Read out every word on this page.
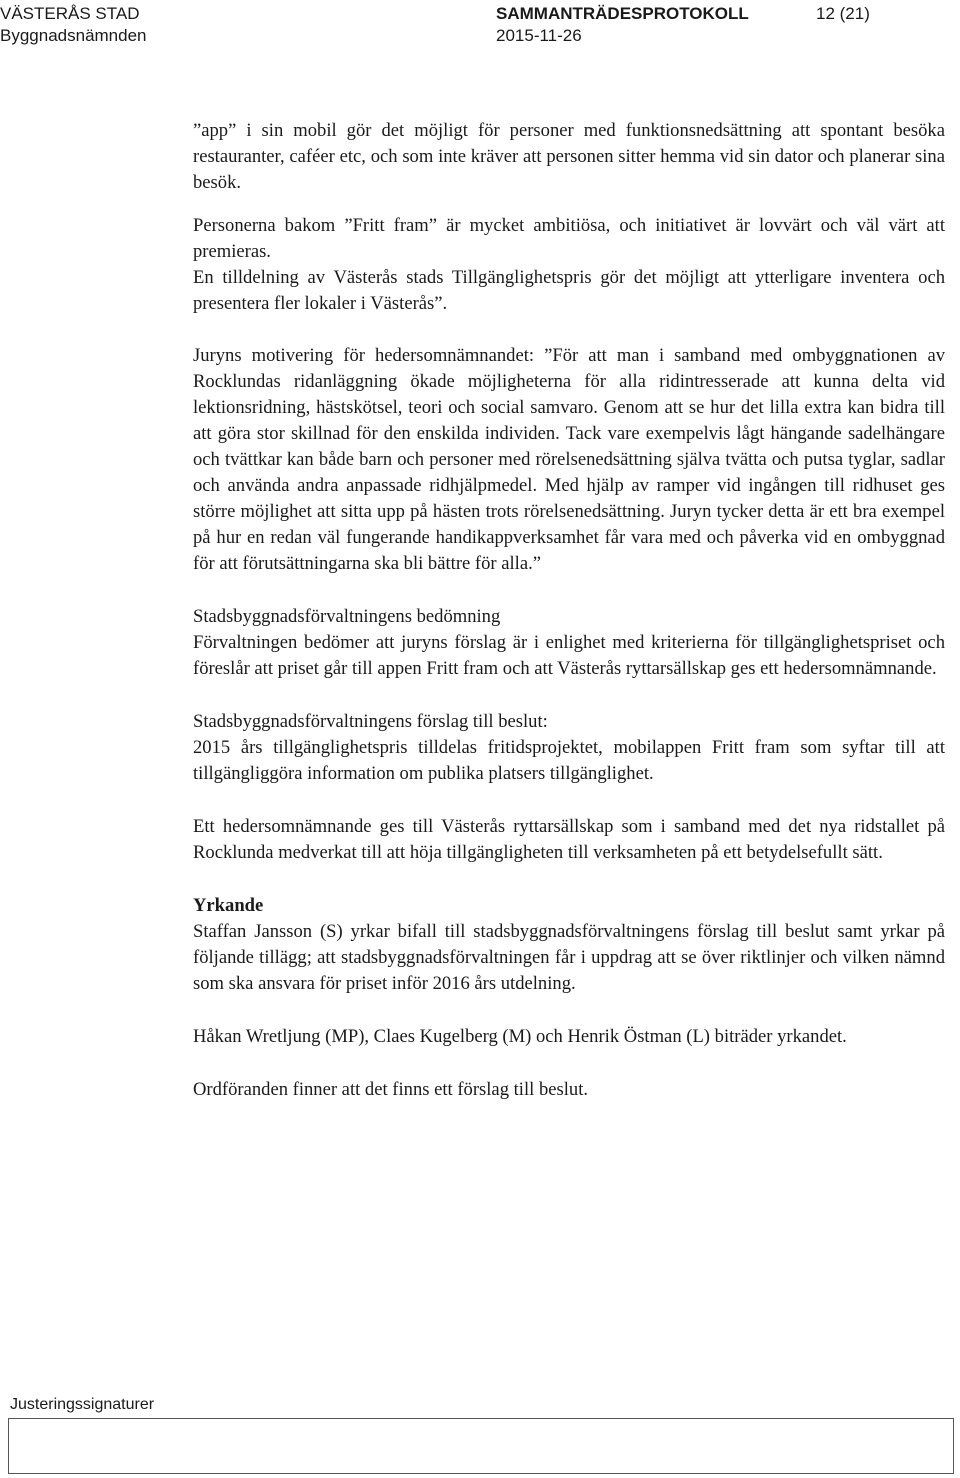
VÄSTERÅS STAD
Byggnadsnämnden
SAMMANTRÄDESPROTOKOLL
2015-11-26
12 (21)

”app” i sin mobil gör det möjligt för personer med funktionsnedsättning att spontant besöka restauranter, caféer etc, och som inte kräver att personen sitter hemma vid sin dator och planerar sina besök.

Personerna bakom ”Fritt fram” är mycket ambitiösa, och initiativet är lovvärt och väl värt att premieras.

En tilldelning av Västerås stads Tillgänglighetspris gör det möjligt att ytterligare inventera och presentera fler lokaler i Västerås”.

Juryns motivering för hedersomnämnandet: ”För att man i samband med ombyggnationen av Rocklundas ridanläggning ökade möjligheterna för alla ridintresserade att kunna delta vid lektionsridning, hästskötsel, teori och social samvaro. Genom att se hur det lilla extra kan bidra till att göra stor skillnad för den enskilda individen. Tack vare exempelvis lågt hängande sadelhängare och tvättkar kan både barn och personer med rörelsenedsättning själva tvätta och putsa tyglar, sadlar och använda andra anpassade ridhjälpmedel. Med hjälp av ramper vid ingången till ridhuset ges större möjlighet att sitta upp på hästen trots rörelsenedsättning. Juryn tycker detta är ett bra exempel på hur en redan väl fungerande handikappverksamhet får vara med och påverka vid en ombyggnad för att förutsättningarna ska bli bättre för alla.”

Stadsbyggnadsförvaltningens bedömning

Förvaltningen bedömer att juryns förslag är i enlighet med kriterierna för tillgänglighetspriset och föreslår att priset går till appen Fritt fram och att Västerås ryttarsällskap ges ett hedersomnämnande.

Stadsbyggnadsförvaltningens förslag till beslut:

2015 års tillgänglighetspris tilldelas fritidsprojektet, mobilappen Fritt fram som syftar till att tillgängliggöra information om publika platsers tillgänglighet.

Ett hedersomnämnande ges till Västerås ryttarsällskap som i samband med det nya ridstallet på Rocklunda medverkat till att höja tillgängligheten till verksamheten på ett betydelsefullt sätt.

Yrkande

Staffan Jansson (S) yrkar bifall till stadsbyggnadsförvaltningens förslag till beslut samt yrkar på följande tillägg; att stadsbyggnadsförvaltningen får i uppdrag att se över riktlinjer och vilken nämnd som ska ansvara för priset inför 2016 års utdelning.

Håkan Wretljung (MP), Claes Kugelberg (M) och Henrik Östman (L) biträder yrkandet.

Ordföranden finner att det finns ett förslag till beslut.

Justeringssignaturer
